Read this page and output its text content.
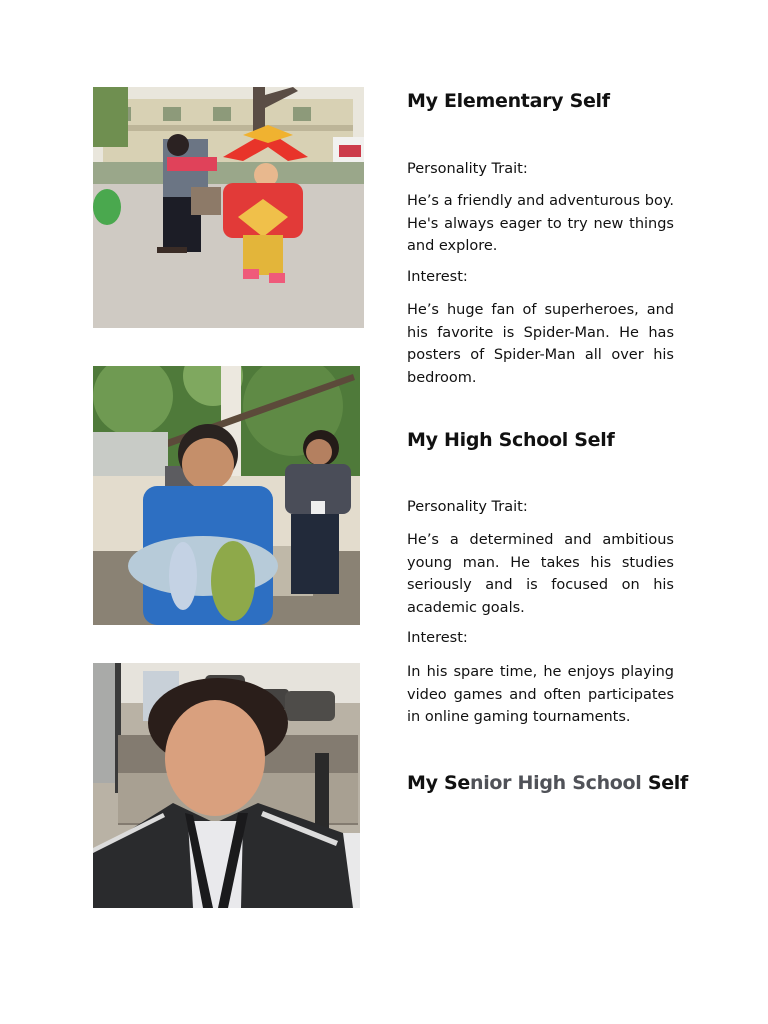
My Elementary Self
Personality Trait:
He’s a friendly and adventurous boy. He's always eager to try new things and explore.
Interest:
He’s huge fan of superheroes, and his favorite is Spider-Man. He has posters of Spider-Man all over his bedroom.
My High School Self
Personality Trait:
He’s a determined and ambitious young man. He takes his studies seriously and is focused on his academic goals.
Interest:
In his spare time, he enjoys playing video games and often participates in online gaming tournaments.
My Senior High School Self
